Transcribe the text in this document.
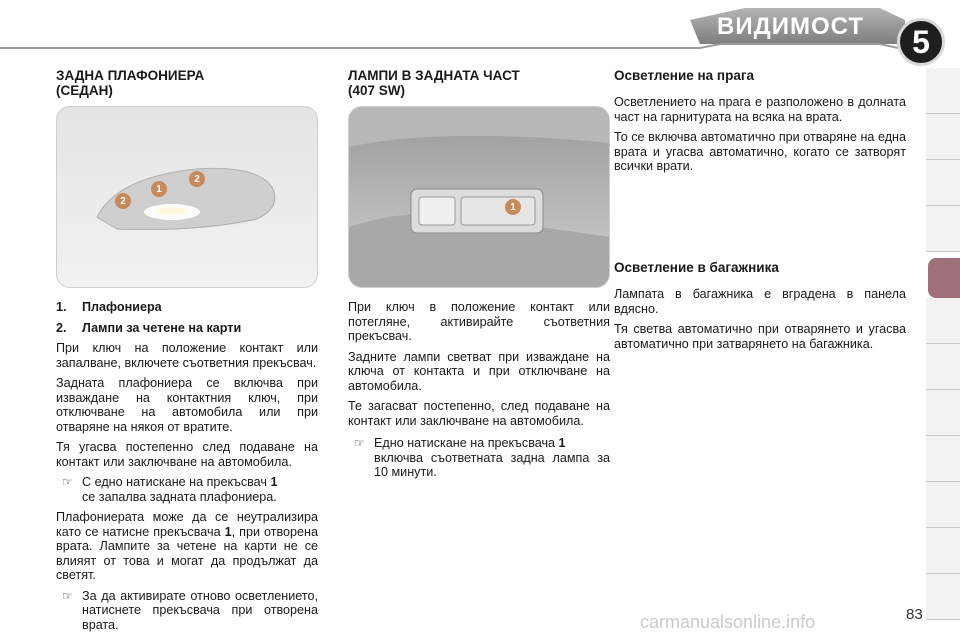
ВИДИМОСТ	5
ЗАДНА ПЛАФОНИЕРА
(СЕДАН)
2
1
2
1.	Плафониера
2.	Лампи за четене на карти

При ключ на положение контакт или запалване, включете съответния прекъсвач.

Задната плафониера се включва при изваждане на контактния ключ, при отключване на автомобила или при отваряне на някоя от вратите.

Тя угасва постепенно след подаване на контакт или заключване на автомобила.

☞ С едно натискане на прекъсвач 1
се запалва задната плафониера.

Плафониерата може да се неутрализира като се натисне прекъсвача 1, при отворена врата. Лампите за четене на карти не се влияят от това и могат да продължат да светят.

☞ За да активирате отново осветлението, натиснете прекъсвача при отворена врата.
ЛАМПИ В ЗАДНАТА ЧАСТ
(407 SW)
1

При ключ в положение контакт или потегляне, активирайте съответния прекъсвач.

Задните лампи светват при изваждане на ключа от контакта и при отключване на автомобила.

Те загасват постепенно, след подаване на контакт или заключване на автомобила.

☞ Едно натискане на прекъсвача 1
включва съответната задна лампа за 10 минути.
Осветление на прага

Осветлението на прага е разположено в долната част на гарнитурата на всяка на врата.

То се включва автоматично при отваряне на една врата и угасва автоматично, когато се затворят всички врати.

Осветление в багажника

Лампата в багажника е вградена в панела вдясно.

Тя светва автоматично при отварянето и угасва автоматично при затварянето на багажника.

carmanualsonline.info	83
